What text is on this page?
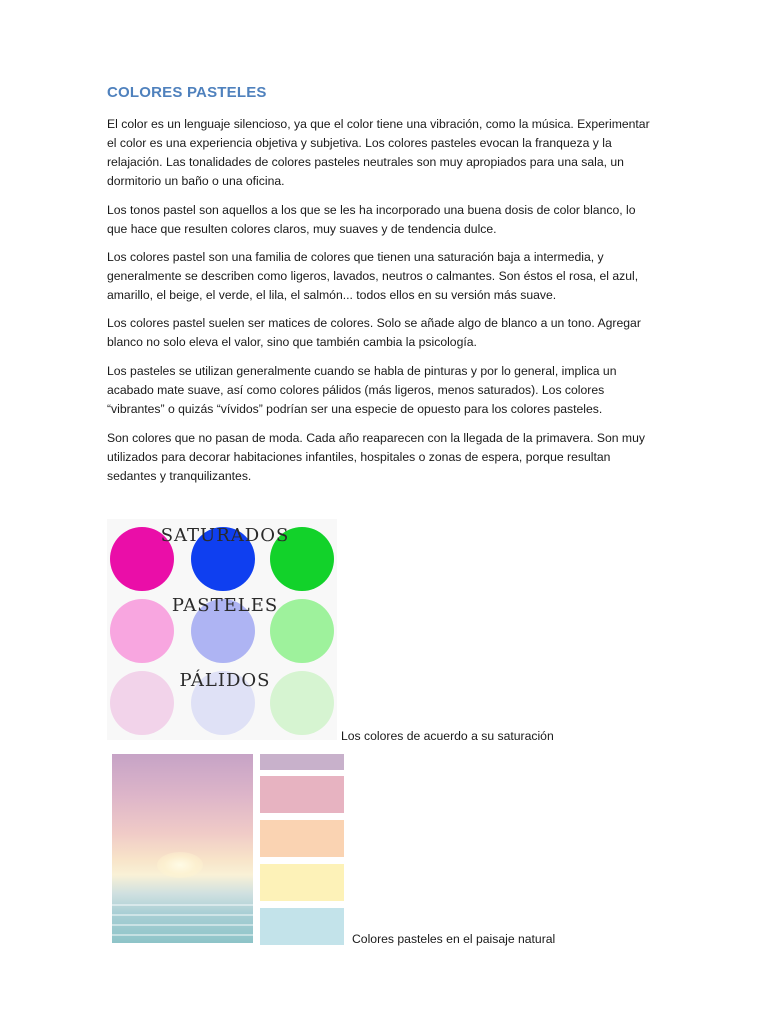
COLORES PASTELES

El color es un lenguaje silencioso, ya que el color tiene una vibración, como la música. Experimentar el color es una experiencia objetiva y subjetiva. Los colores pasteles evocan la franqueza y la relajación. Las tonalidades de colores pasteles neutrales son muy apropiados para una sala, un dormitorio un baño o una oficina.

Los tonos pastel son aquellos a los que se les ha incorporado una buena dosis de color blanco, lo que hace que resulten colores claros, muy suaves y de tendencia dulce.

Los colores pastel son una familia de colores que tienen una saturación baja a intermedia, y generalmente se describen como ligeros, lavados, neutros o calmantes. Son éstos el rosa, el azul, amarillo, el beige, el verde, el lila, el salmón... todos ellos en su versión más suave.

Los colores pastel suelen ser matices de colores. Solo se añade algo de blanco a un tono. Agregar blanco no solo eleva el valor, sino que también cambia la psicología.

Los pasteles se utilizan generalmente cuando se habla de pinturas y por lo general, implica un acabado mate suave, así como colores pálidos (más ligeros, menos saturados). Los colores “vibrantes” o quizás “vívidos” podrían ser una especie de opuesto para los colores pasteles.

Son colores que no pasan de moda. Cada año reaparecen con la llegada de la primavera. Son muy utilizados para decorar habitaciones infantiles, hospitales o zonas de espera, porque resultan sedantes y tranquilizantes.

SATURADOS
PASTELES
PÁLIDOS

Los colores de acuerdo a su saturación

Colores pasteles en el paisaje natural
